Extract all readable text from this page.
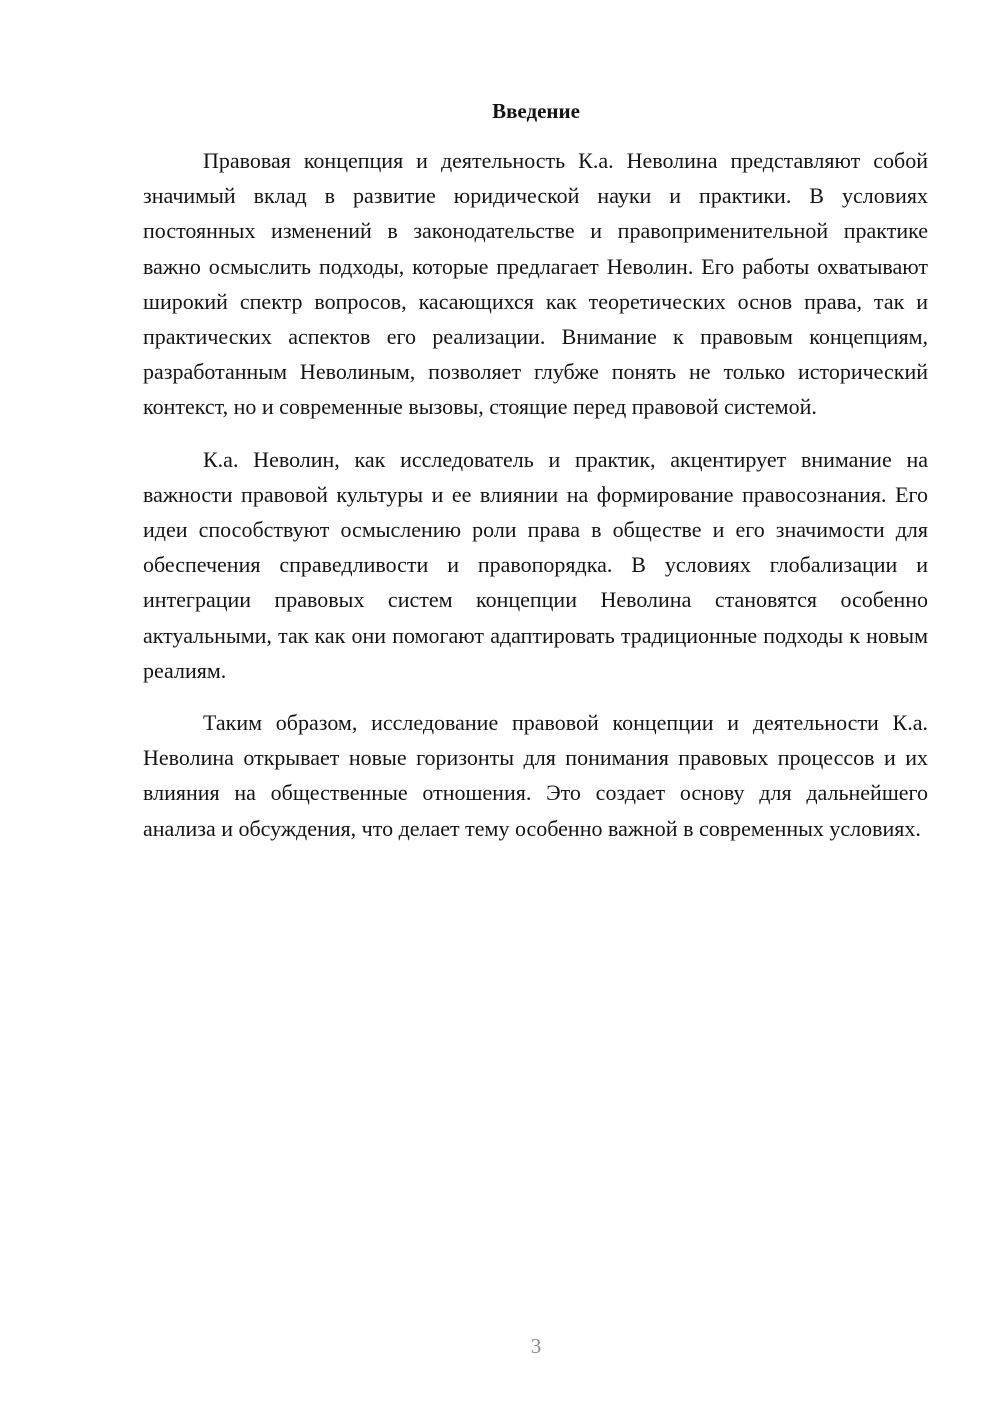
Введение

Правовая концепция и деятельность К.а. Неволина представляют собой значимый вклад в развитие юридической науки и практики. В условиях постоянных изменений в законодательстве и правоприменительной практике важно осмыслить подходы, которые предлагает Неволин. Его работы охватывают широкий спектр вопросов, касающихся как теоретических основ права, так и практических аспектов его реализации. Внимание к правовым концепциям, разработанным Неволиным, позволяет глубже понять не только исторический контекст, но и современные вызовы, стоящие перед правовой системой.

К.а. Неволин, как исследователь и практик, акцентирует внимание на важности правовой культуры и ее влиянии на формирование правосознания. Его идеи способствуют осмыслению роли права в обществе и его значимости для обеспечения справедливости и правопорядка. В условиях глобализации и интеграции правовых систем концепции Неволина становятся особенно актуальными, так как они помогают адаптировать традиционные подходы к новым реалиям.

Таким образом, исследование правовой концепции и деятельности К.а. Неволина открывает новые горизонты для понимания правовых процессов и их влияния на общественные отношения. Это создает основу для дальнейшего анализа и обсуждения, что делает тему особенно важной в современных условиях.

3
